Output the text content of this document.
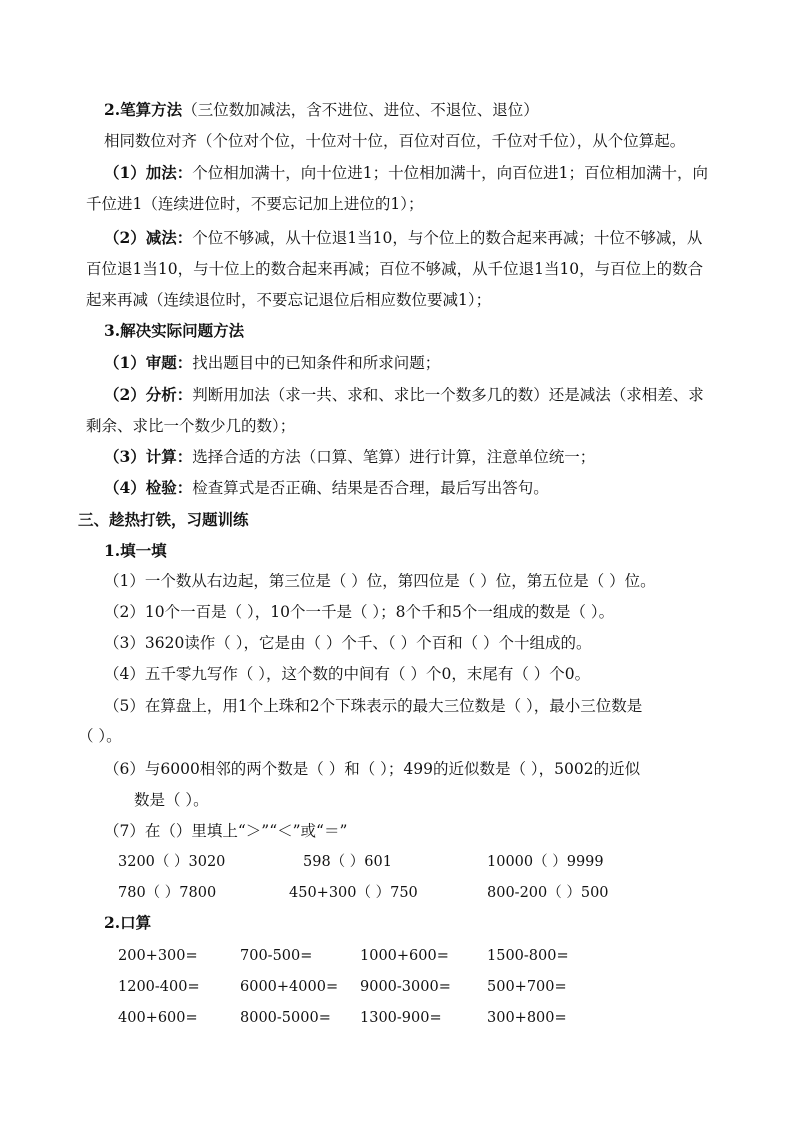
2.笔算方法（三位数加减法，含不进位、进位、不退位、退位）
相同数位对齐（个位对个位，十位对十位，百位对百位，千位对千位），从个位算起。
（1）加法：个位相加满十，向十位进1；十位相加满十，向百位进1；百位相加满十，向
千位进1（连续进位时，不要忘记加上进位的1）；
（2）减法：个位不够减，从十位退1当10，与个位上的数合起来再减；十位不够减，从
百位退1当10，与十位上的数合起来再减；百位不够减，从千位退1当10，与百位上的数合
起来再减（连续退位时，不要忘记退位后相应数位要减1）；
3.解决实际问题方法
（1）审题：找出题目中的已知条件和所求问题；
（2）分析：判断用加法（求一共、求和、求比一个数多几的数）还是减法（求相差、求
剩余、求比一个数少几的数）；
（3）计算：选择合适的方法（口算、笔算）进行计算，注意单位统一；
（4）检验：检查算式是否正确、结果是否合理，最后写出答句。
三、趁热打铁，习题训练
1.填一填
（1）一个数从右边起，第三位是（ ）位，第四位是（ ）位，第五位是（ ）位。
（2）10个一百是（ ），10个一千是（ ）；8个千和5个一组成的数是（ ）。
（3）3620读作（ ），它是由（ ）个千、（ ）个百和（ ）个十组成的。
（4）五千零九写作（ ），这个数的中间有（ ）个0，末尾有（ ）个0。
（5）在算盘上，用1个上珠和2个下珠表示的最大三位数是（ ），最小三位数是
（ ）。
（6）与6000相邻的两个数是（ ）和（ ）；499的近似数是（ ），5002的近似
数是（ ）。
（7）在（）里填上“＞”“＜”或“＝”
3200（ ）3020	598（ ）601	10000（ ）9999
780（ ）7800	450+300（ ）750	800-200（ ）500
2.口算
200+300=	700-500=	1000+600=	1500-800=
1200-400=	6000+4000= 9000-3000= 500+700=
400+600=	8000-5000= 1300-900=	300+800=
